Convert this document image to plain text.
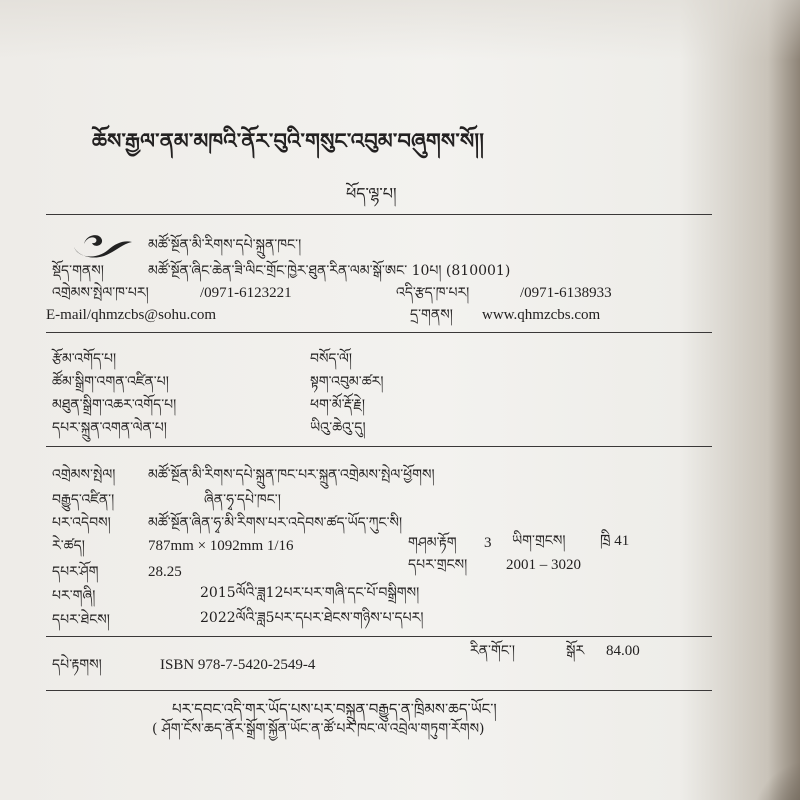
ཆོས་རྒྱལ་ནམ་མཁའི་ནོར་བུའི་གསུང་འབུམ་བཞུགས་སོ།།
ཕོད་ལྷ་པ།
མཚོ་སྔོན་མི་རིགས་དཔེ་སྐྲུན་ཁང་།
སྡོད་གནས།	མཚོ་སྔོན་ཞིང་ཆེན་ཟི་ལིང་གྲོང་ཁྱེར་ཐུན་རིན་ལམ་སྒོ་ཨང་ 10པ། (810001)
འགྲེམས་སྤེལ་ཁ་པར།	/0971-6123221	འདི་རྩད་ཁ་པར།	/0971-6138933
E-mail/qhmzcbs@sohu.com	དྲ་གནས། www.qhmzcbs.com
རྩོམ་འགོད་པ།	བསོད་ལོ།
ཚོམ་སྒྲིག་འགན་འཛིན་པ།	སྟག་འབུམ་ཚར།
མཐུན་སྒྲིག་འཆར་འགོད་པ།	ཕག་མོ་རྡོ་རྗེ།
དཔར་སྐྲུན་འགན་ལེན་པ།	ཡིའུ་ཆེའུ་དུ།
འགྲེམས་སྤེལ། མཚོ་སྔོན་མི་རིགས་དཔེ་སྐྲུན་ཁང་པར་སྐྲུན་འགྲེམས་སྤེལ་ཕྱོགས།
བརྒྱུད་འཛིན་།	ཞིན་ཧྭ་དཔེ་ཁང་།
པར་འདེབས།	མཚོ་སྔོན་ཞིན་ཧྭ་མི་རིགས་པར་འདེབས་ཚད་ཡོད་ཀུང་སི།
རེ་ཚད།	787mm × 1092mm 1/16	གཤམ་རྟོག 3 ཡིག་གྲངས། ཁྲི 41
དཔར་ཤོག	28.25	དཔར་གྲངས།	2001 – 3020
པར་གཞི།	2015ལོའི་ཟླ12པར་པར་གཞི་དང་པོ་བསྒྲིགས།
དཔར་ཐེངས།	2022ལོའི་ཟླ5པར་དཔར་ཐེངས་གཉིས་པ་དཔར།
དཔེ་རྟགས།	ISBN 978-7-5420-2549-4
རིན་གོང་།	སྒོར 84.00
པར་དབང་འདི་གར་ཡོད་པས་པར་བསྐྲུན་བརྒྱུད་ན་ཁྲིམས་ཆད་ཡོང་།
( ཤོག་ངོས་ཆད་ནོར་སྒྲོག་སྐྱོན་ཡོང་ན་ཚོ་པར་ཁང་ལ་འབྲེལ་གཏུག་རོགས)
